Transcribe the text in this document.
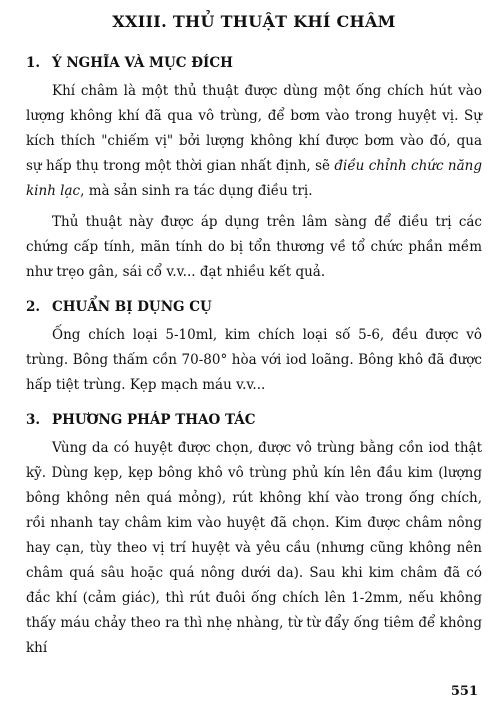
XXIII. THỦ THUẬT KHÍ CHÂM
1. Ý NGHĨA VÀ MỤC ĐÍCH

Khí châm là một thủ thuật được dùng một ống chích hút vào lượng không khí đã qua vô trùng, để bơm vào trong huyệt vị. Sự kích thích "chiếm vị" bởi lượng không khí được bơm vào đó, qua sự hấp thụ trong một thời gian nhất định, sẽ điều chỉnh chức năng kinh lạc, mà sản sinh ra tác dụng điều trị.

Thủ thuật này được áp dụng trên lâm sàng để điều trị các chứng cấp tính, mãn tính do bị tổn thương về tổ chức phần mềm như trẹo gân, sái cổ v.v... đạt nhiều kết quả.

2. CHUẨN BỊ DỤNG CỤ

Ống chích loại 5-10ml, kim chích loại số 5-6, đều được vô trùng. Bông thấm cồn 70-80° hòa với iod loãng. Bông khô đã được hấp tiệt trùng. Kẹp mạch máu v.v...

3. PHƯƠNG PHÁP THAO TÁC

Vùng da có huyệt được chọn, được vô trùng bằng cồn iod thật kỹ. Dùng kẹp, kẹp bông khô vô trùng phủ kín lên đầu kim (lượng bông không nên quá mỏng), rút không khí vào trong ống chích, rồi nhanh tay châm kim vào huyệt đã chọn. Kim được châm nông hay cạn, tùy theo vị trí huyệt và yêu cầu (nhưng cũng không nên châm quá sâu hoặc quá nông dưới da). Sau khi kim châm đã có đắc khí (cảm giác), thì rút đuôi ống chích lên 1-2mm, nếu không thấy máu chảy theo ra thì nhẹ nhàng, từ từ đẩy ống tiêm để không khí

551
